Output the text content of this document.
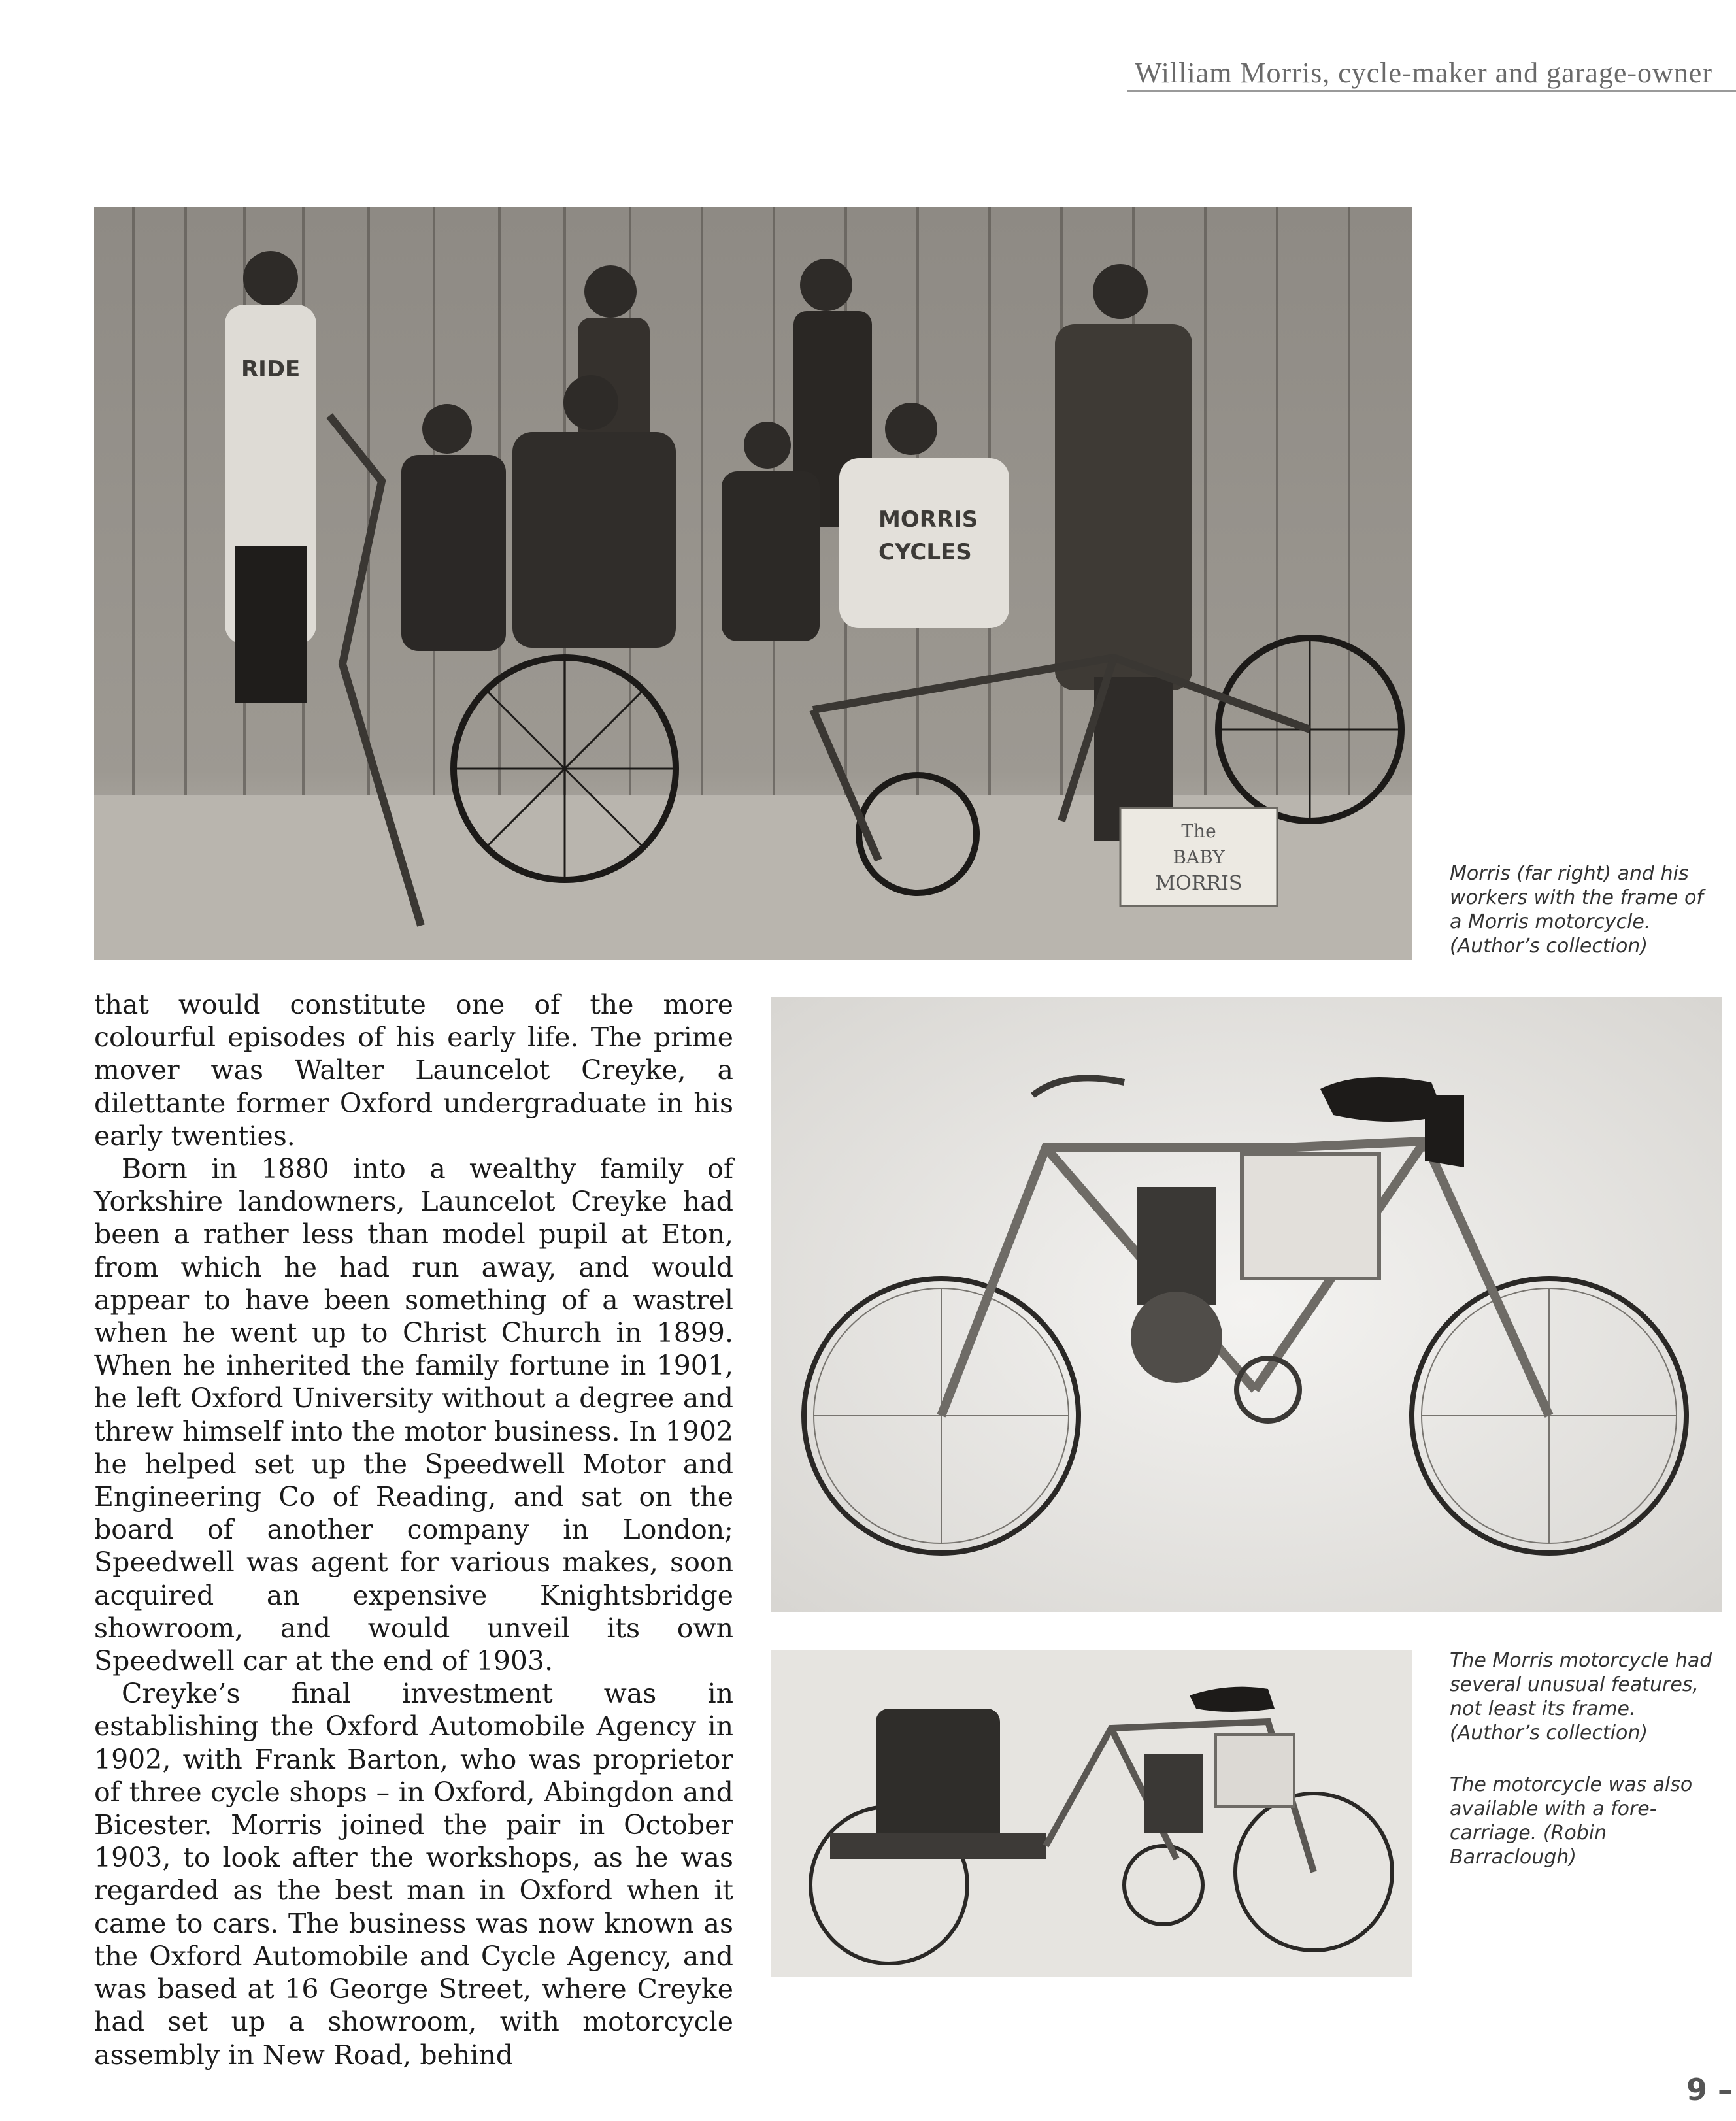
William Morris, cycle-maker and garage-owner
RIDE
MORRIS
CYCLES
The
BABY
MORRIS	Morris (far right) and his workers with the frame of a Morris motorcycle. (Author’s collection)
The Morris motorcycle had several unusual features, not least its frame. (Author’s collection)
The motorcycle was also available with a fore-carriage. (Robin Barraclough)

that would constitute one of the more colourful episodes of his early life. The prime mover was Walter Launcelot Creyke, a dilettante former Oxford undergraduate in his early twenties.

Born in 1880 into a wealthy family of Yorkshire landowners, Launcelot Creyke had been a rather less than model pupil at Eton, from which he had run away, and would appear to have been something of a wastrel when he went up to Christ Church in 1899. When he inherited the family fortune in 1901, he left Oxford University without a degree and threw himself into the motor business. In 1902 he helped set up the Speedwell Motor and Engineering Co of Reading, and sat on the board of another company in London; Speedwell was agent for various makes, soon acquired an expensive Knightsbridge showroom, and would unveil its own Speedwell car at the end of 1903.

Creyke’s final investment was in establishing the Oxford Automobile Agency in 1902, with Frank Barton, who was proprietor of three cycle shops – in Oxford, Abingdon and Bicester. Morris joined the pair in October 1903, to look after the workshops, as he was regarded as the best man in Oxford when it came to cars. The business was now known as the Oxford Automobile and Cycle Agency, and was based at 16 George Street, where Creyke had set up a showroom, with motorcycle assembly in New Road, behind

9 –
